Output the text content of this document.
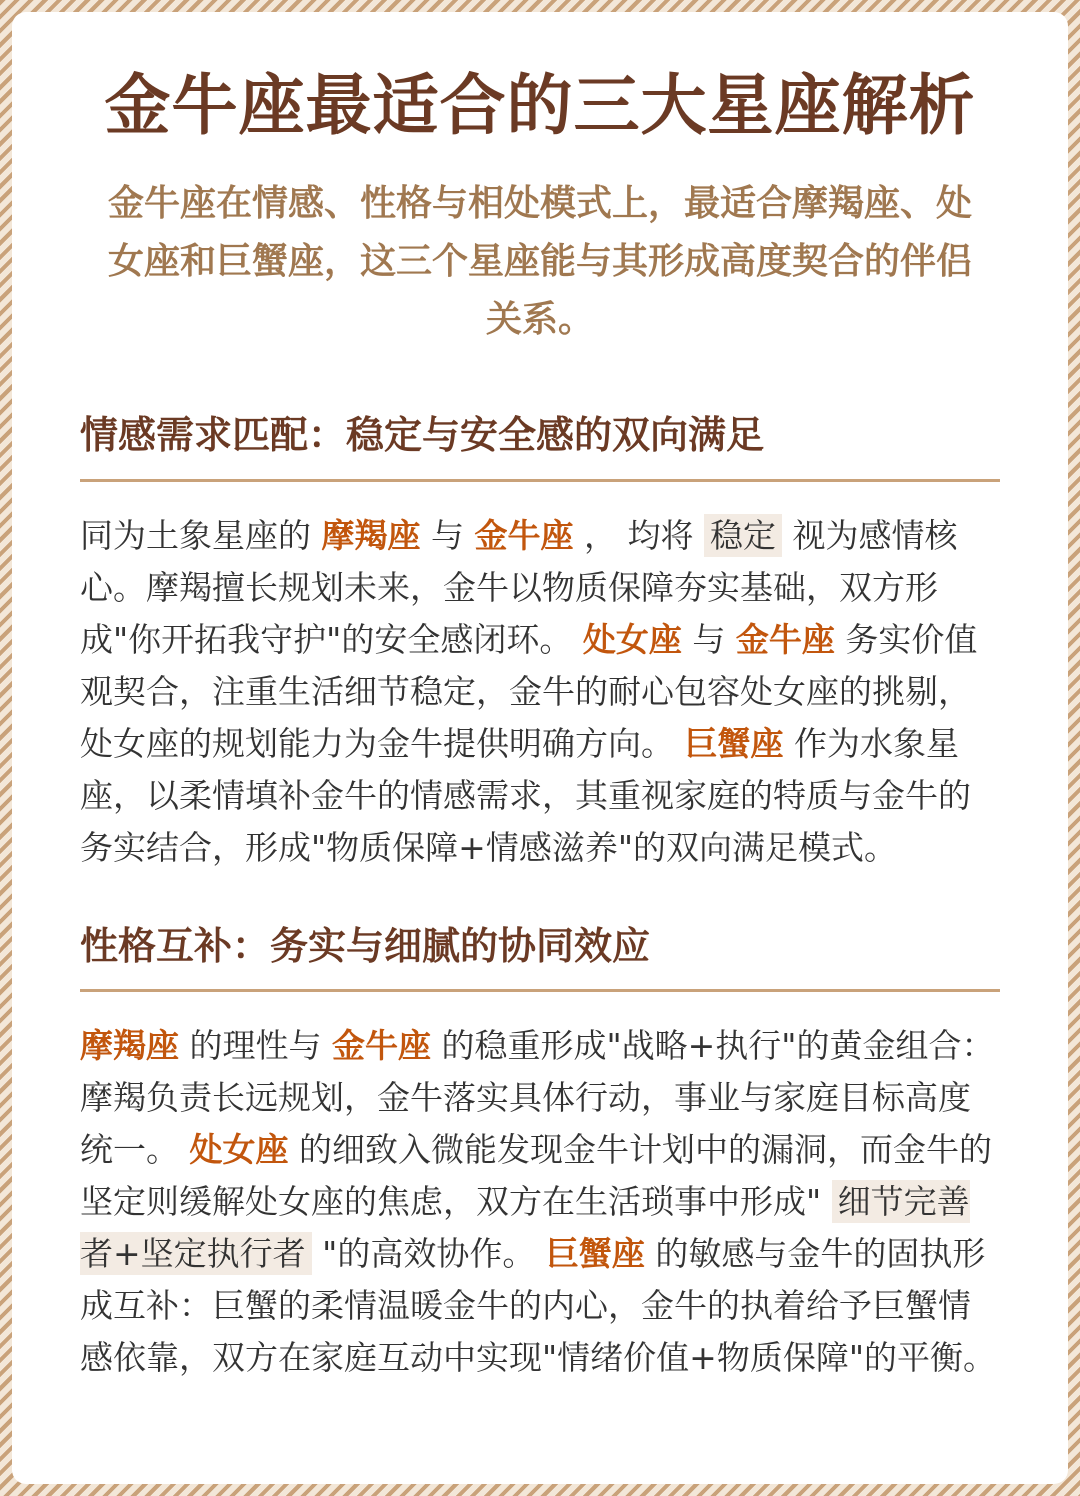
金牛座最适合的三大星座解析

金牛座在情感、性格与相处模式上，最适合摩羯座、处女座和巨蟹座，这三个星座能与其形成高度契合的伴侣关系。

情感需求匹配：稳定与安全感的双向满足

同为土象星座的 摩羯座 与 金牛座 ， 均将 稳定 视为感情核心。摩羯擅长规划未来，金牛以物质保障夯实基础，双方形成"你开拓我守护"的安全感闭环。 处女座 与 金牛座 务实价值观契合，注重生活细节稳定，金牛的耐心包容处女座的挑剔，处女座的规划能力为金牛提供明确方向。 巨蟹座 作为水象星座，以柔情填补金牛的情感需求，其重视家庭的特质与金牛的务实结合，形成"物质保障+情感滋养"的双向满足模式。

性格互补：务实与细腻的协同效应

摩羯座 的理性与 金牛座 的稳重形成"战略+执行"的黄金组合：摩羯负责长远规划，金牛落实具体行动，事业与家庭目标高度统一。 处女座 的细致入微能发现金牛计划中的漏洞，而金牛的坚定则缓解处女座的焦虑，双方在生活琐事中形成" 细节完善者+坚定执行者 "的高效协作。 巨蟹座 的敏感与金牛的固执形成互补：巨蟹的柔情温暖金牛的内心，金牛的执着给予巨蟹情感依靠，双方在家庭互动中实现"情绪价值+物质保障"的平衡。
